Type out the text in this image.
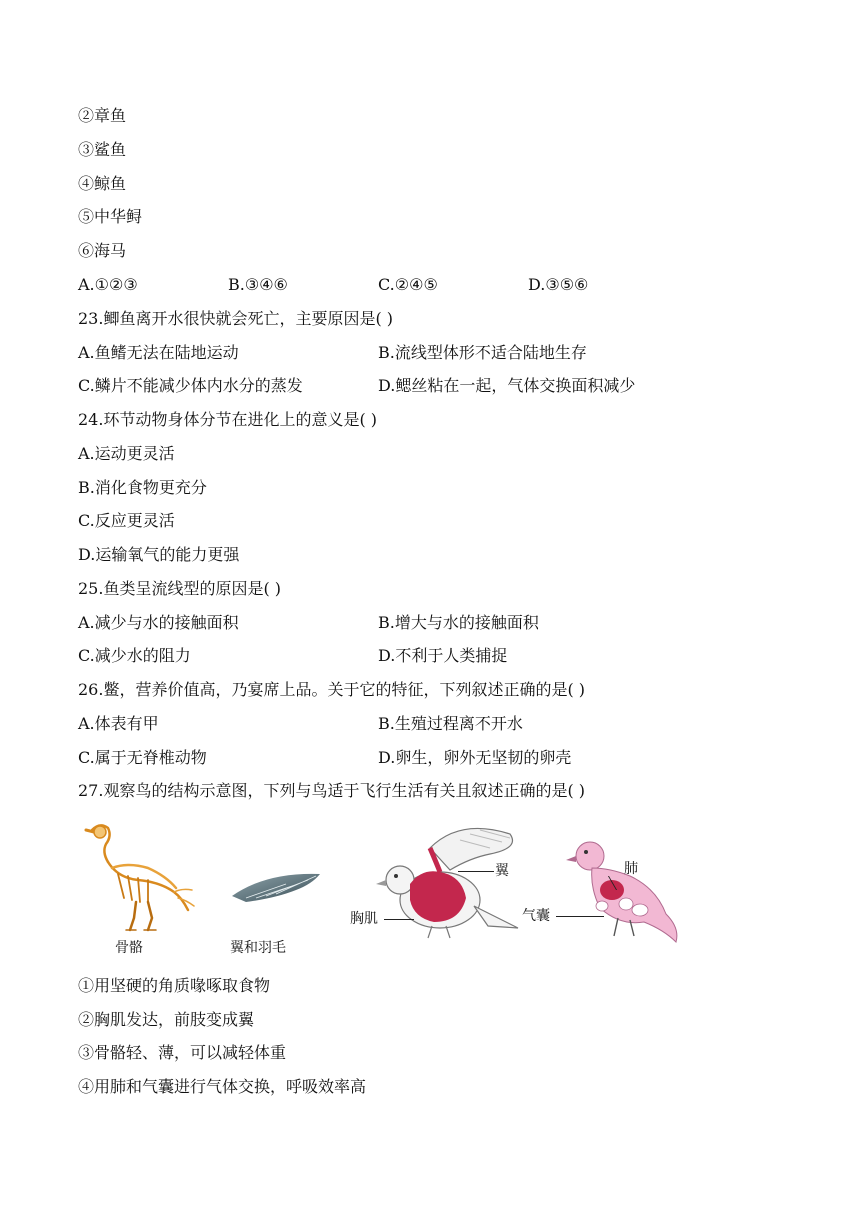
②章鱼
③鲨鱼
④鲸鱼
⑤中华鲟
⑥海马
A.①②③	B.③④⑥	C.②④⑤	D.③⑤⑥
23.鲫鱼离开水很快就会死亡，主要原因是( )
A.鱼鳍无法在陆地运动	B.流线型体形不适合陆地生存
C.鳞片不能减少体内水分的蒸发	D.鳃丝粘在一起，气体交换面积减少
24.环节动物身体分节在进化上的意义是( )
A.运动更灵活
B.消化食物更充分
C.反应更灵活
D.运输氧气的能力更强
25.鱼类呈流线型的原因是( )
A.减少与水的接触面积	B.增大与水的接触面积
C.减少水的阻力	D.不利于人类捕捉
26.鳖，营养价值高，乃宴席上品。关于它的特征，下列叙述正确的是( )
A.体表有甲	B.生殖过程离不开水
C.属于无脊椎动物	D.卵生，卵外无坚韧的卵壳
27.观察鸟的结构示意图，下列与鸟适于飞行生活有关且叙述正确的是( )
骨骼	翼和羽毛
胸肌
翼	肺
气囊
①用坚硬的角质喙啄取食物
②胸肌发达，前肢变成翼
③骨骼轻、薄，可以减轻体重
④用肺和气囊进行气体交换，呼吸效率高
